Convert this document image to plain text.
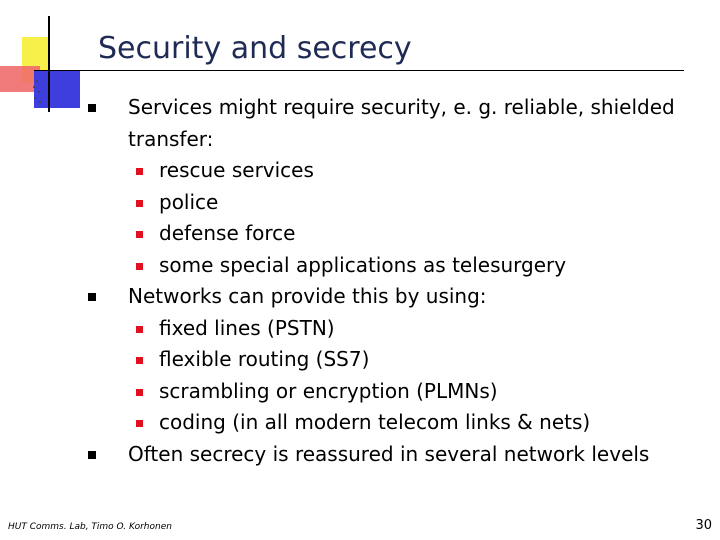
Security and secrecy
Services might require security, e. g. reliable, shielded transfer:
rescue services
police
defense force
some special applications as telesurgery
Networks can provide this by using:
fixed lines (PSTN)
flexible routing (SS7)
scrambling or encryption (PLMNs)
coding (in all modern telecom links & nets)
Often secrecy is reassured in several network levels
HUT Comms. Lab, Timo O. Korhonen	30
